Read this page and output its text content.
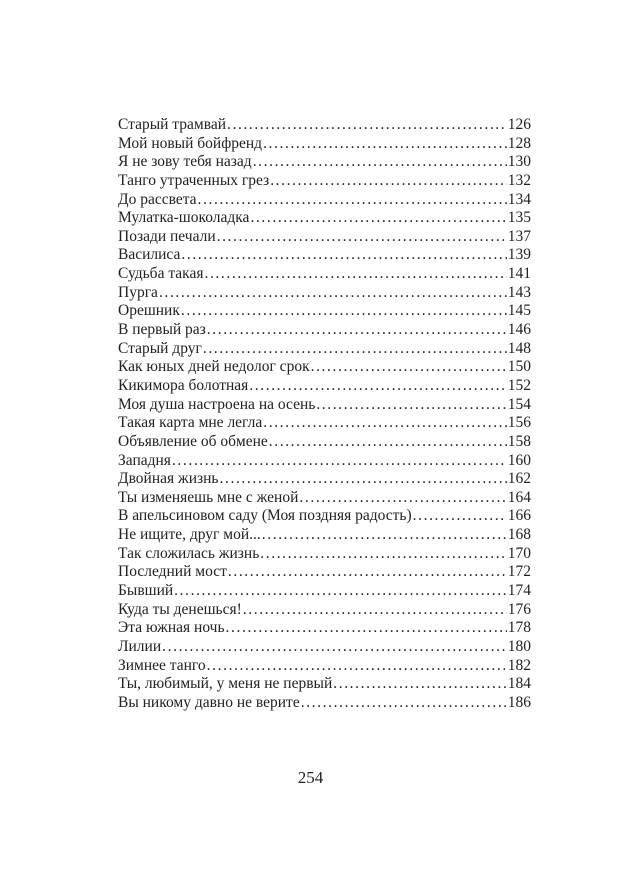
Старый трамвай .....	126
Мой новый бойфренд .....	128
Я не зову тебя назад .....	130
Танго утраченных грез .....	132
До рассвета .....	134
Мулатка-шоколадка .....	135
Позади печали .....	137
Василиса .....	139
Судьба такая .....	141
Пурга .....	143
Орешник .....	145
В первый раз .....	146
Старый друг .....	148
Как юных дней недолог срок .....	150
Кикимора болотная .....	152
Моя душа настроена на осень .....	154
Такая карта мне легла .....	156
Объявление об обмене .....	158
Западня .....	160
Двойная жизнь .....	162
Ты изменяешь мне с женой .....	164
В апельсиновом саду (Моя поздняя радость) .....	166
Не ищите, друг мой... .....	168
Так сложилась жизнь .....	170
Последний мост .....	172
Бывший .....	174
Куда ты денешься! .....	176
Эта южная ночь .....	178
Лилии .....	180
Зимнее танго .....	182
Ты, любимый, у меня не первый .....	184
Вы никому давно не верите .....	186
254
